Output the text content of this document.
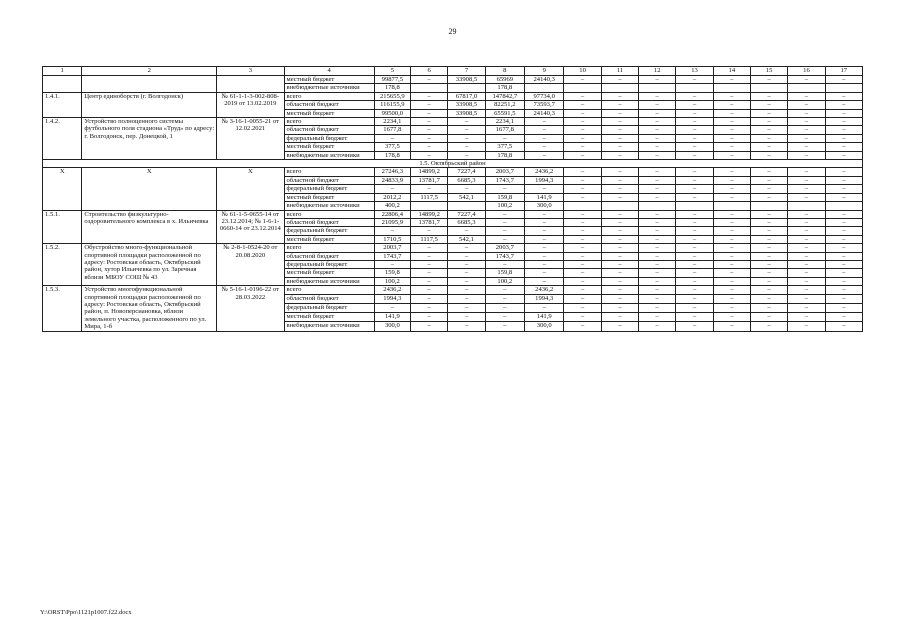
29
1	2	3	4	5	6	7	8	9	10	11	12	13	14	15	16	17
			местный бюджет	99877,5	–	33908,5	65969	24140,3	–	–	–	–	–	–	–	–
			внебюджетные источники	178,8			178,8									
1.4.1.	Центр единоборств (г. Волгодонск)	№ 61-1-1-3-002-808-2019 от 13.02.2019	всего	215655,9	–	67817,0	147842,7	97734,0	–	–	–	–	–	–	–	–
			областной бюджет	116155,9	–	33908,5	82251,2	73593,7	–	–	–	–	–	–	–	–
			местный бюджет	99500,0	–	33908,5	65591,5	24140,3	–	–	–	–	–	–	–	–
1.4.2.	Устройство полноценного системы футбольного поля стадиона «Труд» по адресу: г. Волгодонск, пер. Донецкой, 1	№ 3-16-1-0055-21 от 12.02.2021	всего	2234,1	–	–	2234,1	–	–	–	–	–	–	–	–	–
			областной бюджет	1677,8	–	–	1677,8	–	–	–	–	–	–	–	–	–
			федеральный бюджет	–	–	–	–	–	–	–	–	–	–	–	–	–
			местный бюджет	377,5	–	–	377,5	–	–	–	–	–	–	–	–	–
			внебюджетные источники	178,8	–	–	178,8	–	–	–	–	–	–	–	–	–
1.5. Октябрьский район																
Х	Х	Х	всего	27246,3	14899,2	7227,4	2003,7	2436,2	–	–	–	–	–	–	–	–
			областной бюджет	24833,9	13781,7	6685,3	1743,7	1994,3	–	–	–	–	–	–	–	–
			федеральный бюджет	–	–	–	–	–	–	–	–	–	–	–	–	–
			местный бюджет	2012,2	1117,5	542,1	159,8	141,9	–	–	–	–	–	–	–	–
			внебюджетные источники	400,2			100,2	300,0								
1.5.1.	Строительство физкультурно-оздоровительного комплекса в х. Ильичевка	№ 61-1-5-0655-14 от 23.12.2014; № 1-6-1-0660-14 от 23.12.2014	всего	22806,4	14899,2	7227,4	–	–	–	–	–	–	–	–	–	–
			областной бюджет	21095,9	13781,7	6685,3	–	–	–	–	–	–	–	–	–	–
			федеральный бюджет	–	–	–	–	–	–	–	–	–	–	–	–	–
			местный бюджет	1710,5	1117,5	542,1	–	–	–	–	–	–	–	–	–	–
1.5.2.	Обустройство много-функциональной спортивной площадки расположенной по адресу: Ростовская область, Октябрьский район, хутор Ильичевка по ул. Заречная вблизи МБОУ СОШ № 43	№ 2-8-1-0524-20 от 20.08.2020	всего	2003,7	–	–	2003,7	–	–	–	–	–	–	–	–	–
			областной бюджет	1743,7	–	–	1743,7	–	–	–	–	–	–	–	–	–
			федеральный бюджет	–	–	–	–	–	–	–	–	–	–	–	–	–
			местный бюджет	159,8	–	–	159,8	–	–	–	–	–	–	–	–	–
			внебюджетные источники	100,2	–	–	100,2	–	–	–	–	–	–	–	–	–
1.5.3.	Устройство многофункциональной спортивной площадки расположенной по адресу: Ростовская область, Октябрьский район, п. Новоперсиановка, вблизи земельного участка, расположенного по ул. Мира, 1-б	№ 5-16-1-0196-22 от 28.03.2022	всего	2436,2	–	–	–	2436,2	–	–	–	–	–	–	–	–
			областной бюджет	1994,3	–	–	–	1994,3	–	–	–	–	–	–	–	–
			федеральный бюджет	–	–	–	–	–	–	–	–	–	–	–	–	–
			местный бюджет	141,9	–	–	–	141,9	–	–	–	–	–	–	–	–
			внебюджетные источники	300,0	–	–	–	300,0	–	–	–	–	–	–	–	–
Y:\ORST\Ppo\1121p1007.f22.docx
